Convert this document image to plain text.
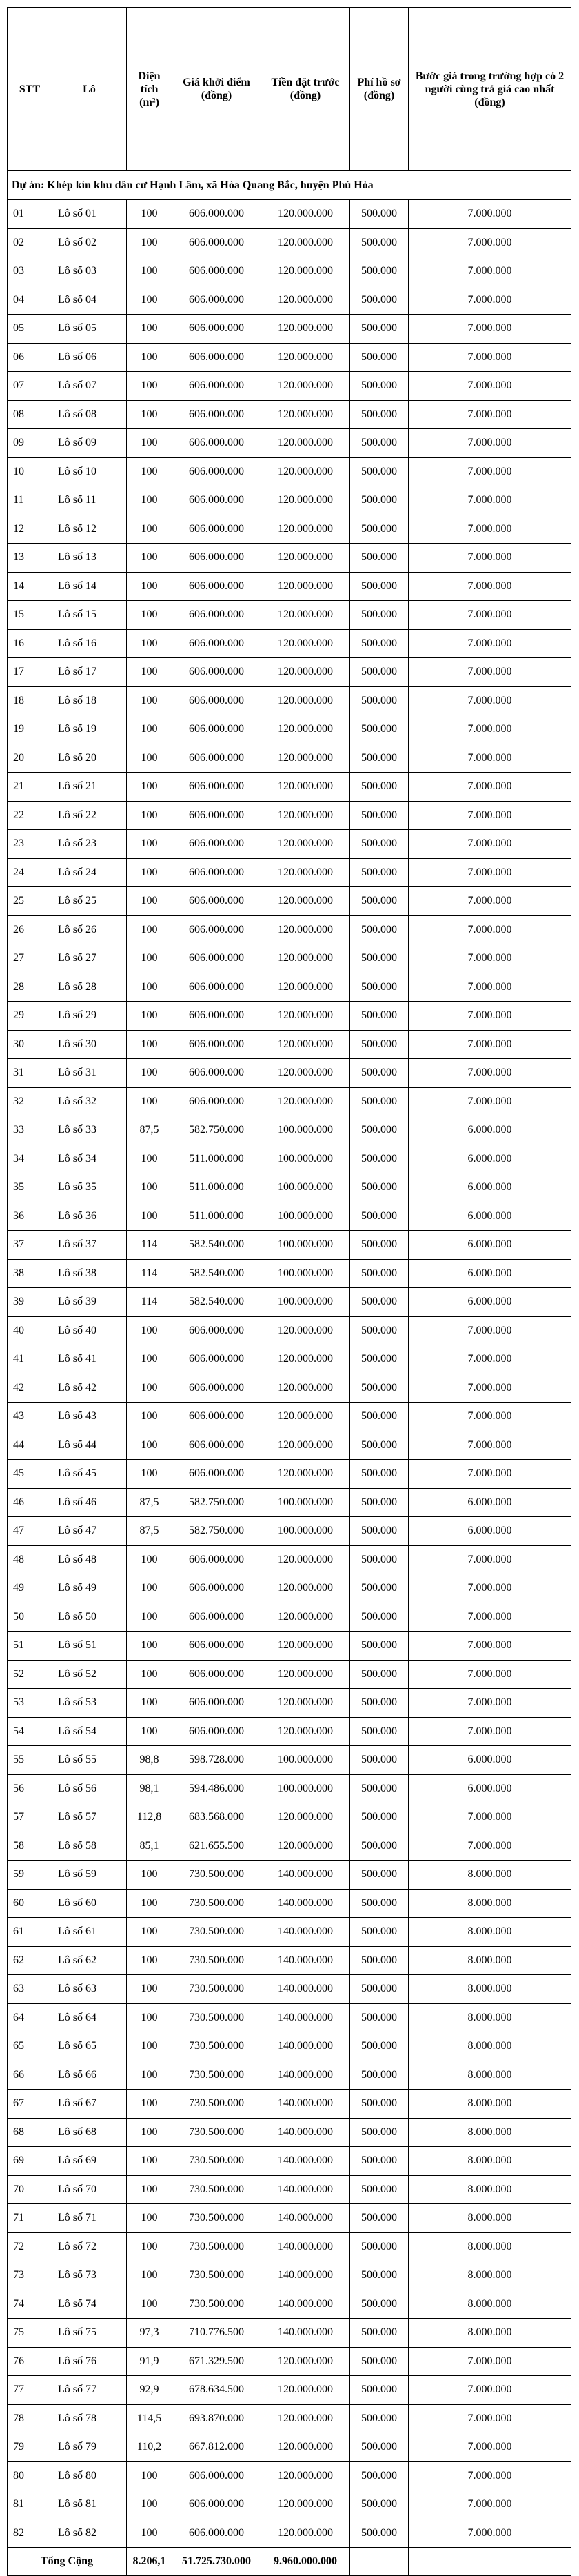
STT	Lô	Diện tích (m²)	Giá khởi điểm (đồng)	Tiền đặt trước (đồng)	Phí hồ sơ (đồng)	Bước giá trong trường hợp có 2 người cùng trả giá cao nhất (đồng)
Dự án: Khép kín khu dân cư Hạnh Lâm, xã Hòa Quang Bắc, huyện Phú Hòa						
01	Lô số 01	100	606.000.000	120.000.000	500.000	7.000.000
02	Lô số 02	100	606.000.000	120.000.000	500.000	7.000.000
03	Lô số 03	100	606.000.000	120.000.000	500.000	7.000.000
04	Lô số 04	100	606.000.000	120.000.000	500.000	7.000.000
05	Lô số 05	100	606.000.000	120.000.000	500.000	7.000.000
06	Lô số 06	100	606.000.000	120.000.000	500.000	7.000.000
07	Lô số 07	100	606.000.000	120.000.000	500.000	7.000.000
08	Lô số 08	100	606.000.000	120.000.000	500.000	7.000.000
09	Lô số 09	100	606.000.000	120.000.000	500.000	7.000.000
10	Lô số 10	100	606.000.000	120.000.000	500.000	7.000.000
11	Lô số 11	100	606.000.000	120.000.000	500.000	7.000.000
12	Lô số 12	100	606.000.000	120.000.000	500.000	7.000.000
13	Lô số 13	100	606.000.000	120.000.000	500.000	7.000.000
14	Lô số 14	100	606.000.000	120.000.000	500.000	7.000.000
15	Lô số 15	100	606.000.000	120.000.000	500.000	7.000.000
16	Lô số 16	100	606.000.000	120.000.000	500.000	7.000.000
17	Lô số 17	100	606.000.000	120.000.000	500.000	7.000.000
18	Lô số 18	100	606.000.000	120.000.000	500.000	7.000.000
19	Lô số 19	100	606.000.000	120.000.000	500.000	7.000.000
20	Lô số 20	100	606.000.000	120.000.000	500.000	7.000.000
21	Lô số 21	100	606.000.000	120.000.000	500.000	7.000.000
22	Lô số 22	100	606.000.000	120.000.000	500.000	7.000.000
23	Lô số 23	100	606.000.000	120.000.000	500.000	7.000.000
24	Lô số 24	100	606.000.000	120.000.000	500.000	7.000.000
25	Lô số 25	100	606.000.000	120.000.000	500.000	7.000.000
26	Lô số 26	100	606.000.000	120.000.000	500.000	7.000.000
27	Lô số 27	100	606.000.000	120.000.000	500.000	7.000.000
28	Lô số 28	100	606.000.000	120.000.000	500.000	7.000.000
29	Lô số 29	100	606.000.000	120.000.000	500.000	7.000.000
30	Lô số 30	100	606.000.000	120.000.000	500.000	7.000.000
31	Lô số 31	100	606.000.000	120.000.000	500.000	7.000.000
32	Lô số 32	100	606.000.000	120.000.000	500.000	7.000.000
33	Lô số 33	87,5	582.750.000	100.000.000	500.000	6.000.000
34	Lô số 34	100	511.000.000	100.000.000	500.000	6.000.000
35	Lô số 35	100	511.000.000	100.000.000	500.000	6.000.000
36	Lô số 36	100	511.000.000	100.000.000	500.000	6.000.000
37	Lô số 37	114	582.540.000	100.000.000	500.000	6.000.000
38	Lô số 38	114	582.540.000	100.000.000	500.000	6.000.000
39	Lô số 39	114	582.540.000	100.000.000	500.000	6.000.000
40	Lô số 40	100	606.000.000	120.000.000	500.000	7.000.000
41	Lô số 41	100	606.000.000	120.000.000	500.000	7.000.000
42	Lô số 42	100	606.000.000	120.000.000	500.000	7.000.000
43	Lô số 43	100	606.000.000	120.000.000	500.000	7.000.000
44	Lô số 44	100	606.000.000	120.000.000	500.000	7.000.000
45	Lô số 45	100	606.000.000	120.000.000	500.000	7.000.000
46	Lô số 46	87,5	582.750.000	100.000.000	500.000	6.000.000
47	Lô số 47	87,5	582.750.000	100.000.000	500.000	6.000.000
48	Lô số 48	100	606.000.000	120.000.000	500.000	7.000.000
49	Lô số 49	100	606.000.000	120.000.000	500.000	7.000.000
50	Lô số 50	100	606.000.000	120.000.000	500.000	7.000.000
51	Lô số 51	100	606.000.000	120.000.000	500.000	7.000.000
52	Lô số 52	100	606.000.000	120.000.000	500.000	7.000.000
53	Lô số 53	100	606.000.000	120.000.000	500.000	7.000.000
54	Lô số 54	100	606.000.000	120.000.000	500.000	7.000.000
55	Lô số 55	98,8	598.728.000	100.000.000	500.000	6.000.000
56	Lô số 56	98,1	594.486.000	100.000.000	500.000	6.000.000
57	Lô số 57	112,8	683.568.000	120.000.000	500.000	7.000.000
58	Lô số 58	85,1	621.655.500	120.000.000	500.000	7.000.000
59	Lô số 59	100	730.500.000	140.000.000	500.000	8.000.000
60	Lô số 60	100	730.500.000	140.000.000	500.000	8.000.000
61	Lô số 61	100	730.500.000	140.000.000	500.000	8.000.000
62	Lô số 62	100	730.500.000	140.000.000	500.000	8.000.000
63	Lô số 63	100	730.500.000	140.000.000	500.000	8.000.000
64	Lô số 64	100	730.500.000	140.000.000	500.000	8.000.000
65	Lô số 65	100	730.500.000	140.000.000	500.000	8.000.000
66	Lô số 66	100	730.500.000	140.000.000	500.000	8.000.000
67	Lô số 67	100	730.500.000	140.000.000	500.000	8.000.000
68	Lô số 68	100	730.500.000	140.000.000	500.000	8.000.000
69	Lô số 69	100	730.500.000	140.000.000	500.000	8.000.000
70	Lô số 70	100	730.500.000	140.000.000	500.000	8.000.000
71	Lô số 71	100	730.500.000	140.000.000	500.000	8.000.000
72	Lô số 72	100	730.500.000	140.000.000	500.000	8.000.000
73	Lô số 73	100	730.500.000	140.000.000	500.000	8.000.000
74	Lô số 74	100	730.500.000	140.000.000	500.000	8.000.000
75	Lô số 75	97,3	710.776.500	140.000.000	500.000	8.000.000
76	Lô số 76	91,9	671.329.500	120.000.000	500.000	7.000.000
77	Lô số 77	92,9	678.634.500	120.000.000	500.000	7.000.000
78	Lô số 78	114,5	693.870.000	120.000.000	500.000	7.000.000
79	Lô số 79	110,2	667.812.000	120.000.000	500.000	7.000.000
80	Lô số 80	100	606.000.000	120.000.000	500.000	7.000.000
81	Lô số 81	100	606.000.000	120.000.000	500.000	7.000.000
82	Lô số 82	100	606.000.000	120.000.000	500.000	7.000.000
Tổng Cộng		8.206,1	51.725.730.000	9.960.000.000		
